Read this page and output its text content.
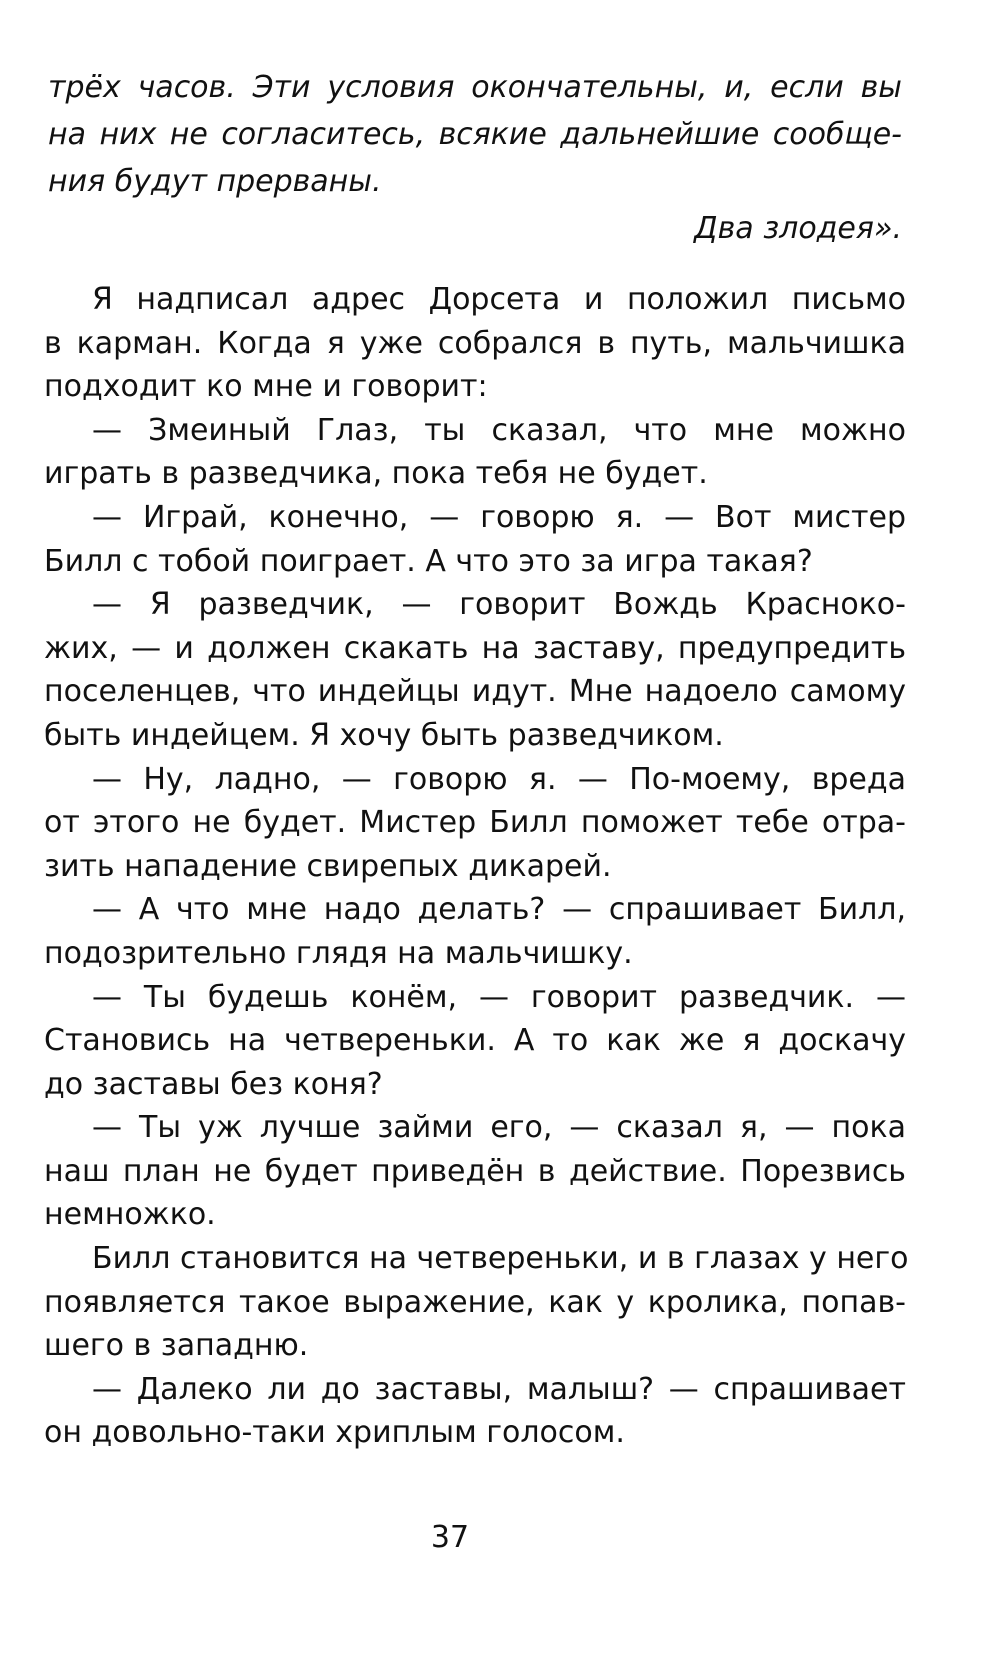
трёх часов. Эти условия окончательны, и, если вы
на них не согласитесь, всякие дальнейшие сообще-
ния будут прерваны.
Два злодея».
Я надписал адрес Дорсета и положил письмо
в карман. Когда я уже собрался в путь, мальчишка
подходит ко мне и говорит:
— Змеиный Глаз, ты сказал, что мне можно
играть в разведчика, пока тебя не будет.
— Играй, конечно, — говорю я. — Вот мистер
Билл с тобой поиграет. А что это за игра такая?
— Я разведчик, — говорит Вождь Красноко-
жих, — и должен скакать на заставу, предупредить
поселенцев, что индейцы идут. Мне надоело самому
быть индейцем. Я хочу быть разведчиком.
— Ну, ладно, — говорю я. — По-моему, вреда
от этого не будет. Мистер Билл поможет тебе отра-
зить нападение свирепых дикарей.
— А что мне надо делать? — спрашивает Билл,
подозрительно глядя на мальчишку.
— Ты будешь конём, — говорит разведчик. —
Становись на четвереньки. А то как же я доскачу
до заставы без коня?
— Ты уж лучше займи его, — сказал я, — пока
наш план не будет приведён в действие. Порезвись
немножко.
Билл становится на четвереньки, и в глазах у него
появляется такое выражение, как у кролика, попав-
шего в западню.
— Далеко ли до заставы, малыш? — спрашивает
он довольно-таки хриплым голосом.
37
